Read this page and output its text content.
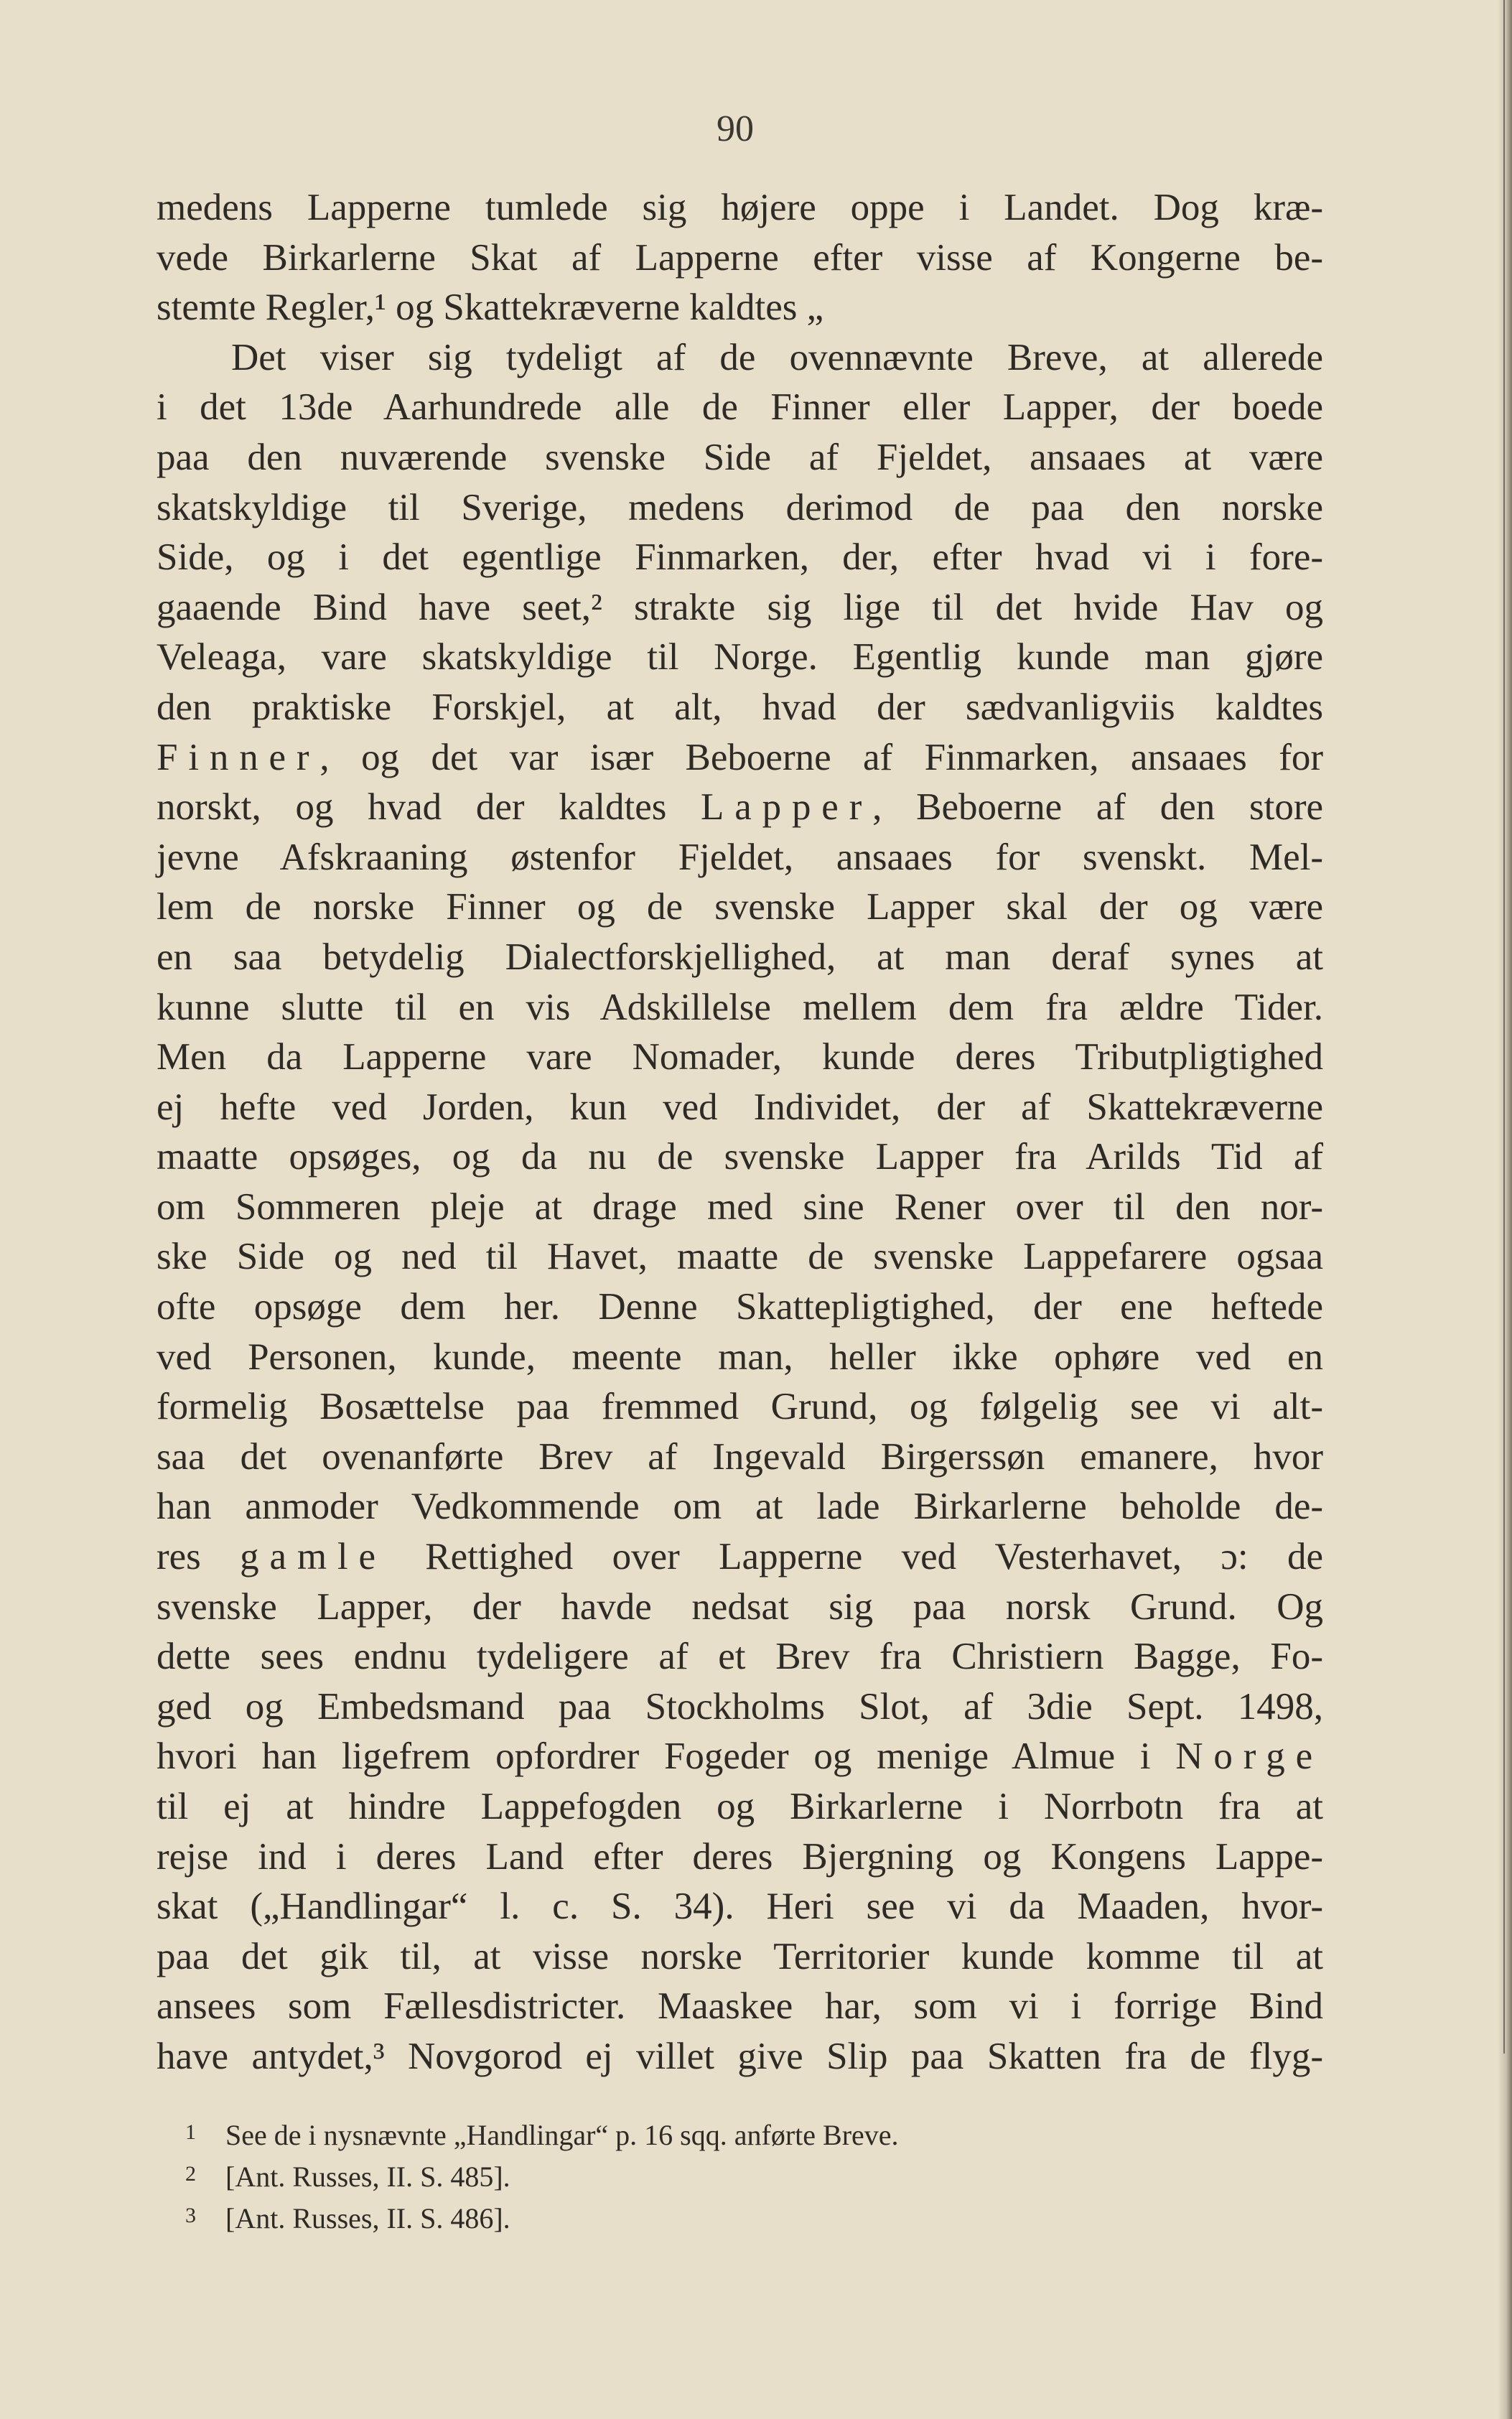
90
medens Lapperne tumlede sig højere oppe i Landet. Dog kræ-
vede Birkarlerne Skat af Lapperne efter visse af Kongerne be-
stemte Regler,¹ og Skattekræverne kaldtes „
Det viser sig tydeligt af de ovennævnte Breve, at allerede
i det 13de Aarhundrede alle de Finner eller Lapper, der boede
paa den nuværende svenske Side af Fjeldet, ansaaes at være
skatskyldige til Sverige, medens derimod de paa den norske
Side, og i det egentlige Finmarken, der, efter hvad vi i fore-
gaaende Bind have seet,² strakte sig lige til det hvide Hav og
Veleaga, vare skatskyldige til Norge. Egentlig kunde man gjøre
den praktiske Forskjel, at alt, hvad der sædvanligviis kaldtes
Finner, og det var især Beboerne af Finmarken, ansaaes for
norskt, og hvad der kaldtes Lapper, Beboerne af den store
jevne Afskraaning østenfor Fjeldet, ansaaes for svenskt. Mel-
lem de norske Finner og de svenske Lapper skal der og være
en saa betydelig Dialectforskjellighed, at man deraf synes at
kunne slutte til en vis Adskillelse mellem dem fra ældre Tider.
Men da Lapperne vare Nomader, kunde deres Tributpligtighed
ej hefte ved Jorden, kun ved Individet, der af Skattekræverne
maatte opsøges, og da nu de svenske Lapper fra Arilds Tid af
om Sommeren pleje at drage med sine Rener over til den nor-
ske Side og ned til Havet, maatte de svenske Lappefarere ogsaa
ofte opsøge dem her. Denne Skattepligtighed, der ene heftede
ved Personen, kunde, meente man, heller ikke ophøre ved en
formelig Bosættelse paa fremmed Grund, og følgelig see vi alt-
saa det ovenanførte Brev af Ingevald Birgerssøn emanere, hvor
han anmoder Vedkommende om at lade Birkarlerne beholde de-
res gamle Rettighed over Lapperne ved Vesterhavet, ɔ: de
svenske Lapper, der havde nedsat sig paa norsk Grund. Og
dette sees endnu tydeligere af et Brev fra Christiern Bagge, Fo-
ged og Embedsmand paa Stockholms Slot, af 3die Sept. 1498,
hvori han ligefrem opfordrer Fogeder og menige Almue i Norge
til ej at hindre Lappefogden og Birkarlerne i Norrbotn fra at
rejse ind i deres Land efter deres Bjergning og Kongens Lappe-
skat („Handlingar“ l. c. S. 34). Heri see vi da Maaden, hvor-
paa det gik til, at visse norske Territorier kunde komme til at
ansees som Fællesdistricter. Maaskee har, som vi i forrige Bind
have antydet,³ Novgorod ej villet give Slip paa Skatten fra de flyg-
1 See de i nysnævnte „Handlingar“ p. 16 sqq. anførte Breve.
2 [Ant. Russes, II. S. 485].
3 [Ant. Russes, II. S. 486].
